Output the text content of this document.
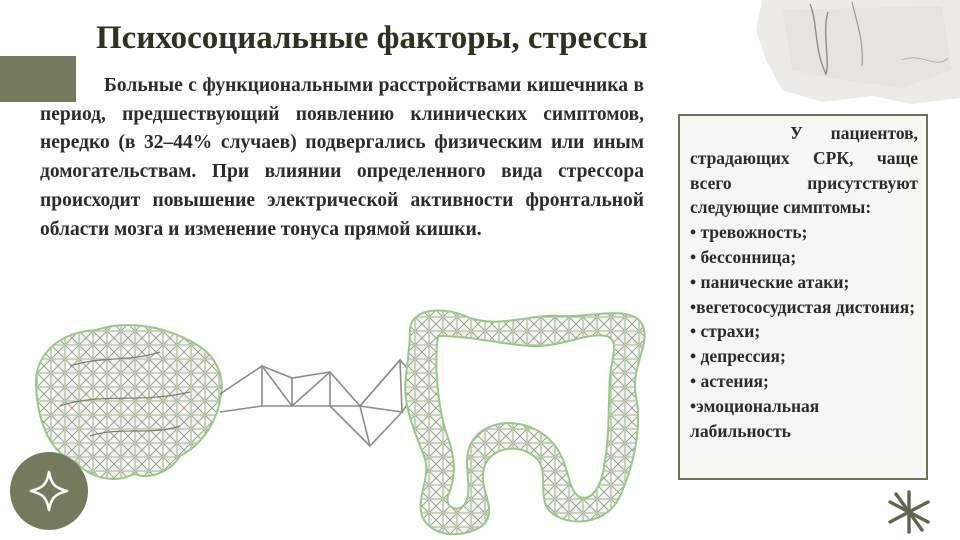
Психосоциальные факторы, стрессы

Больные с функциональными расстройствами кишечника в период, предшествующий появлению клинических симптомов, нередко (в 32–44% случаев) подвергались физическим или иным домогательствам. При влиянии определенного вида стрессора происходит повышение электрической активности фронтальной области мозга и изменение тонуса прямой кишки.

У пациентов, страдающих СРК, чаще всего присутствуют следующие симптомы:

• тревожность;
• бессонница;
• панические атаки;
•вегетососудистая дистония;
• страхи;
• депрессия;
• астения;
•эмоциональная лабильность
